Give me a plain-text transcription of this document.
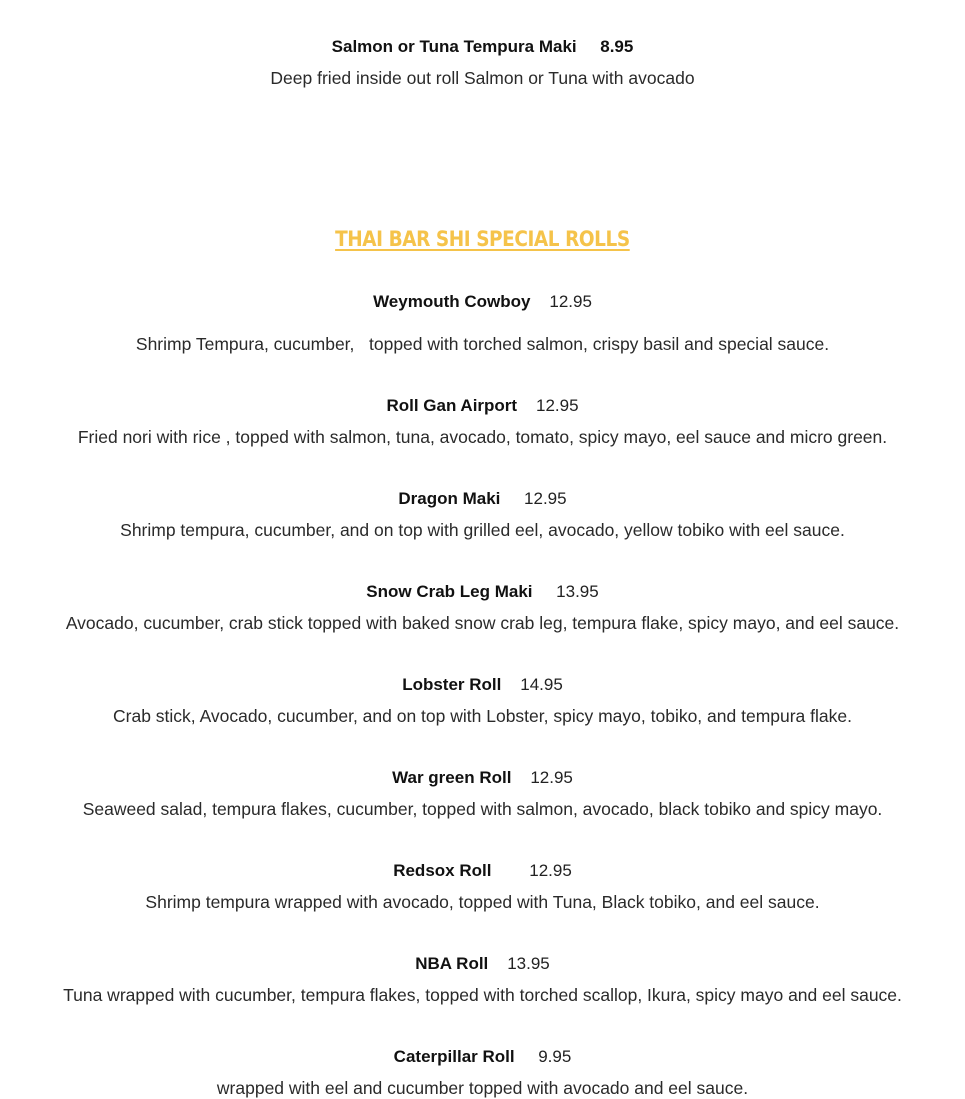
Salmon or Tuna Tempura Maki 8.95
Deep fried inside out roll Salmon or Tuna with avocado
THAI BAR SHI SPECIAL ROLLS
Weymouth Cowboy 12.95
Shrimp Tempura, cucumber,   topped with torched salmon, crispy basil and special sauce.
Roll Gan Airport 12.95
Fried nori with rice , topped with salmon, tuna, avocado, tomato, spicy mayo, eel sauce and micro green.
Dragon Maki 12.95
Shrimp tempura, cucumber, and on top with grilled eel, avocado, yellow tobiko with eel sauce.
Snow Crab Leg Maki 13.95
Avocado, cucumber, crab stick topped with baked snow crab leg, tempura flake, spicy mayo, and eel sauce.
Lobster Roll 14.95
Crab stick, Avocado, cucumber, and on top with Lobster, spicy mayo, tobiko, and tempura flake.
War green Roll 12.95
Seaweed salad, tempura flakes, cucumber, topped with salmon, avocado, black tobiko and spicy mayo.
Redsox Roll 12.95
Shrimp tempura wrapped with avocado, topped with Tuna, Black tobiko, and eel sauce.
NBA Roll 13.95
Tuna wrapped with cucumber, tempura flakes, topped with torched scallop, Ikura, spicy mayo and eel sauce.
Caterpillar Roll 9.95
wrapped with eel and cucumber topped with avocado and eel sauce.
